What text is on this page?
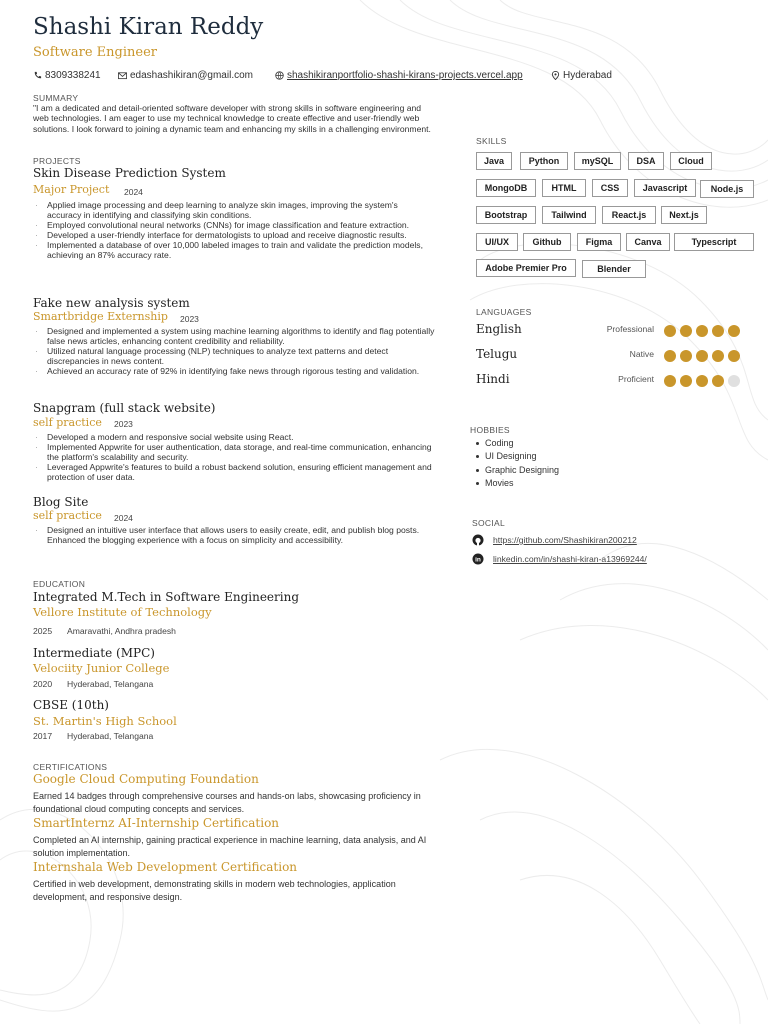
Shashi Kiran Reddy
Software Engineer
8309338241	edashashikiran@gmail.com	shashikiranportfolio-shashi-kirans-projects.vercel.app	Hyderabad
SUMMARY
"I am a dedicated and detail-oriented software developer with strong skills in software engineering and web technologies. I am eager to use my technical knowledge to create effective and user-friendly web solutions. I look forward to joining a dynamic team and enhancing my skills in a challenging environment.
PROJECTS
Skin Disease Prediction System
Major Project 2024
· Applied image processing and deep learning to analyze skin images, improving the system's accuracy in identifying and classifying skin conditions.
· Employed convolutional neural networks (CNNs) for image classification and feature extraction.
· Developed a user-friendly interface for dermatologists to upload and receive diagnostic results.
· Implemented a database of over 10,000 labeled images to train and validate the prediction models, achieving an 87% accuracy rate.
Fake new analysis system
Smartbridge Externship 2023
· Designed and implemented a system using machine learning algorithms to identify and flag potentially false news articles, enhancing content credibility and reliability.
· Utilized natural language processing (NLP) techniques to analyze text patterns and detect discrepancies in news content.
· Achieved an accuracy rate of 92% in identifying fake news through rigorous testing and validation.
Snapgram (full stack website)
self practice 2023
· Developed a modern and responsive social website using React.
· Implemented Appwrite for user authentication, data storage, and real-time communication, enhancing the platform's scalability and security.
· Leveraged Appwrite's features to build a robust backend solution, ensuring efficient management and protection of user data.
Blog Site
self practice 2024
· Designed an intuitive user interface that allows users to easily create, edit, and publish blog posts. Enhanced the blogging experience with a focus on simplicity and accessibility.
EDUCATION
Integrated M.Tech in Software Engineering
Vellore Institute of Technology
2025 Amaravathi, Andhra pradesh
Intermediate (MPC)
Velociity Junior College
2020 Hyderabad, Telangana
CBSE (10th)
St. Martin's High School
2017 Hyderabad, Telangana
CERTIFICATIONS
Google Cloud Computing Foundation
Earned 14 badges through comprehensive courses and hands-on labs, showcasing proficiency in foundational cloud computing concepts and services.
SmartInternz AI-Internship Certification
Completed an AI internship, gaining practical experience in machine learning, data analysis, and AI solution implementation.
Internshala Web Development Certification
Certified in web development, demonstrating skills in modern web technologies, application development, and responsive design.
SKILLS
Java	Python	mySQL	DSA	Cloud
MongoDB	HTML	CSS	Javascript	Node.js
Bootstrap	Tailwind	React.js	Next.js
UI/UX	Github	Figma	Canva	Typescript
Adobe Premier Pro	Blender
LANGUAGES
English	Professional
Telugu	Native
Hindi	Proficient
HOBBIES
Coding
UI Designing
Graphic Designing
Movies
SOCIAL
https://github.com/Shashikiran200212
in linkedin.com/in/shashi-kiran-a13969244/
